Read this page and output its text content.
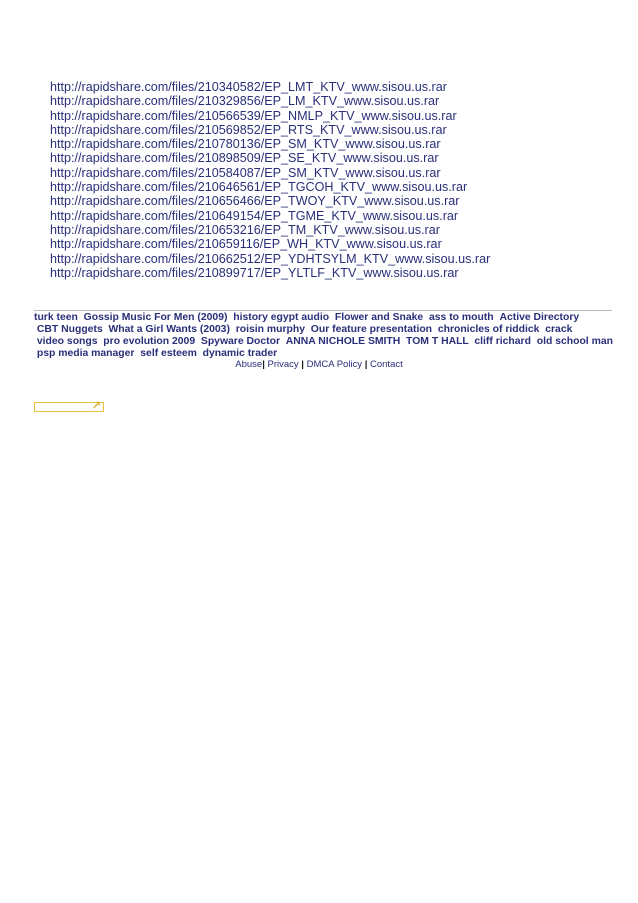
http://rapidshare.com/files/210340582/EP_LMT_KTV_www.sisou.us.rar
http://rapidshare.com/files/210329856/EP_LM_KTV_www.sisou.us.rar
http://rapidshare.com/files/210566539/EP_NMLP_KTV_www.sisou.us.rar
http://rapidshare.com/files/210569852/EP_RTS_KTV_www.sisou.us.rar
http://rapidshare.com/files/210780136/EP_SM_KTV_www.sisou.us.rar
http://rapidshare.com/files/210898509/EP_SE_KTV_www.sisou.us.rar
http://rapidshare.com/files/210584087/EP_SM_KTV_www.sisou.us.rar
http://rapidshare.com/files/210646561/EP_TGCOH_KTV_www.sisou.us.rar
http://rapidshare.com/files/210656466/EP_TWOY_KTV_www.sisou.us.rar
http://rapidshare.com/files/210649154/EP_TGME_KTV_www.sisou.us.rar
http://rapidshare.com/files/210653216/EP_TM_KTV_www.sisou.us.rar
http://rapidshare.com/files/210659116/EP_WH_KTV_www.sisou.us.rar
http://rapidshare.com/files/210662512/EP_YDHTSYLM_KTV_www.sisou.us.rar
http://rapidshare.com/files/210899717/EP_YLTLF_KTV_www.sisou.us.rar
turk teen Gossip Music For Men (2009) history egypt audio Flower and Snake ass to mouth Active Directory  CBT Nuggets What a Girl Wants (2003) roisin murphy Our feature presentation chronicles of riddick crack  video songs pro evolution 2009 Spyware Doctor ANNA NICHOLE SMITH TOM T HALL cliff richard old school man  psp media manager self esteem dynamic trader
Abuse| Privacy | DMCA Policy | Contact
↗
